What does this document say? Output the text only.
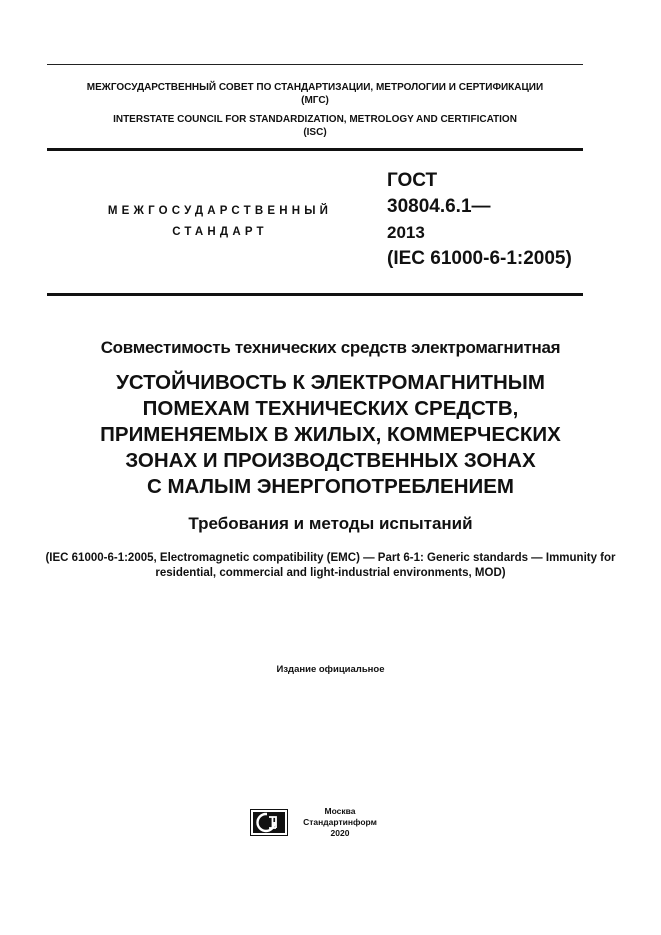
МЕЖГОСУДАРСТВЕННЫЙ СОВЕТ ПО СТАНДАРТИЗАЦИИ, МЕТРОЛОГИИ И СЕРТИФИКАЦИИ

(МГС)

INTERSTATE COUNCIL FOR STANDARDIZATION, METROLOGY AND CERTIFICATION

(ISC)

МЕЖГОСУДАРСТВЕННЫЙ

СТАНДАРТ

ГОСТ

30804.6.1—

2013

(IEC 61000-6-1:2005)

Совместимость технических средств электромагнитная

УСТОЙЧИВОСТЬ К ЭЛЕКТРОМАГНИТНЫМ

ПОМЕХАМ ТЕХНИЧЕСКИХ СРЕДСТВ,

ПРИМЕНЯЕМЫХ В ЖИЛЫХ, КОММЕРЧЕСКИХ

ЗОНАХ И ПРОИЗВОДСТВЕННЫХ ЗОНАХ

С МАЛЫМ ЭНЕРГОПОТРЕБЛЕНИЕМ

Требования и методы испытаний
(IEC 61000-6-1:2005, Electromagnetic compatibility (EMC) — Part 6-1: Generic standards — Immunity for residential, commercial and light-industrial environments, MOD)
Издание официальное

Москва

Стандартинформ

2020
